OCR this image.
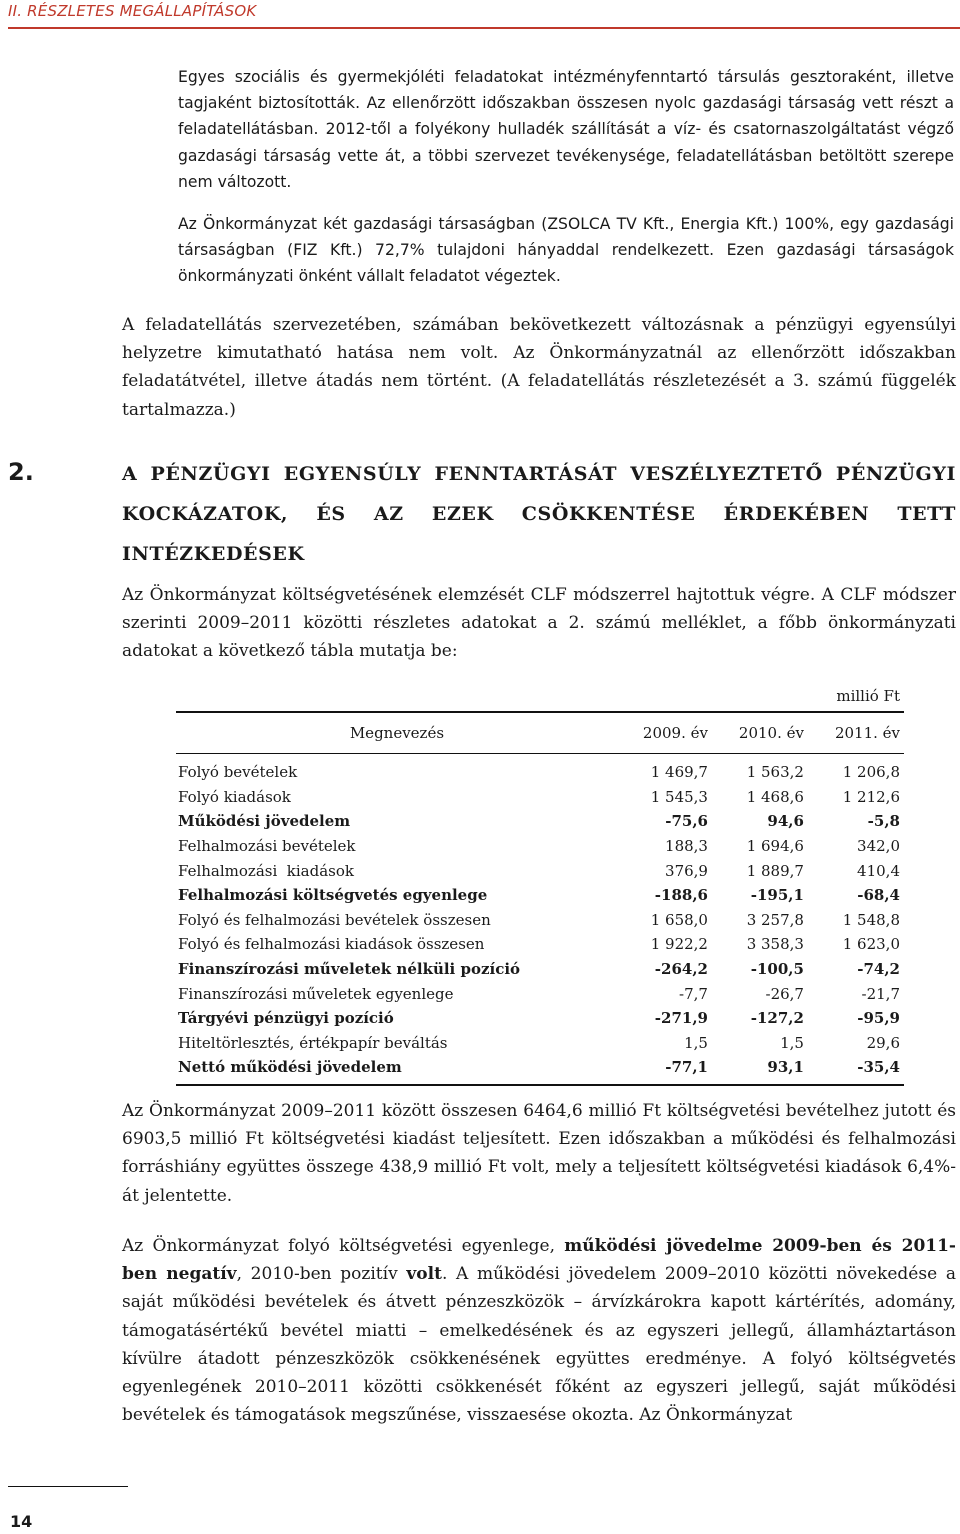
II. RÉSZLETES MEGÁLLAPÍTÁSOK

Egyes szociális és gyermekjóléti feladatokat intézményfenntartó társulás gesztoraként, illetve tagjaként biztosították. Az ellenőrzött időszakban összesen nyolc gazdasági társaság vett részt a feladatellátásban. 2012-től a folyékony hulladék szállítását a víz- és csatornaszolgáltatást végző gazdasági társaság vette át, a többi szervezet tevékenysége, feladatellátásban betöltött szerepe nem változott.

Az Önkormányzat két gazdasági társaságban (ZSOLCA TV Kft., Energia Kft.) 100%, egy gazdasági társaságban (FIZ Kft.) 72,7% tulajdoni hányaddal rendelkezett. Ezen gazdasági társaságok önkormányzati önként vállalt feladatot végeztek.

A feladatellátás szervezetében, számában bekövetkezett változásnak a pénzügyi egyensúlyi helyzetre kimutatható hatása nem volt. Az Önkormányzatnál az ellenőrzött időszakban feladatátvétel, illetve átadás nem történt. (A feladatellátás részletezését a 3. számú függelék tartalmazza.)

2.	A PÉNZÜGYI EGYENSÚLY FENNTARTÁSÁT VESZÉLYEZTETŐ PÉNZÜGYI KOCKÁZATOK, ÉS AZ EZEK CSÖKKENTÉSE ÉRDEKÉBEN TETT INTÉZKEDÉSEK

Az Önkormányzat költségvetésének elemzését CLF módszerrel hajtottuk végre. A CLF módszer szerinti 2009–2011 közötti részletes adatokat a 2. számú melléklet, a főbb önkormányzati adatokat a következő tábla mutatja be:

millió Ft
Megnevezés	2009. év	2010. év	2011. év
Folyó bevételek	1 469,7	1 563,2	1 206,8
Folyó kiadások	1 545,3	1 468,6	1 212,6
Működési jövedelem	-75,6	94,6	-5,8
Felhalmozási bevételek	188,3	1 694,6	342,0
Felhalmozási  kiadások	376,9	1 889,7	410,4
Felhalmozási költségvetés egyenlege	-188,6	-195,1	-68,4
Folyó és felhalmozási bevételek összesen	1 658,0	3 257,8	1 548,8
Folyó és felhalmozási kiadások összesen	1 922,2	3 358,3	1 623,0
Finanszírozási műveletek nélküli pozíció	-264,2	-100,5	-74,2
Finanszírozási műveletek egyenlege	-7,7	-26,7	-21,7
Tárgyévi pénzügyi pozíció	-271,9	-127,2	-95,9
Hiteltörlesztés, értékpapír beváltás	1,5	1,5	29,6
Nettó működési jövedelem	-77,1	93,1	-35,4

Az Önkormányzat 2009–2011 között összesen 6464,6 millió Ft költségvetési bevételhez jutott és 6903,5 millió Ft költségvetési kiadást teljesített. Ezen időszakban a működési és felhalmozási forráshiány együttes összege 438,9 millió Ft volt, mely a teljesített költségvetési kiadások 6,4%-át jelentette.

Az Önkormányzat folyó költségvetési egyenlege, működési jövedelme 2009-ben és 2011-ben negatív, 2010-ben pozitív volt. A működési jövedelem 2009–2010 közötti növekedése a saját működési bevételek és átvett pénzeszközök – árvízkárokra kapott kártérítés, adomány, támogatásértékű bevétel miatti – emelkedésének és az egyszeri jellegű, államháztartáson kívülre átadott pénzeszközök csökkenésének együttes eredménye. A folyó költségvetés egyenlegének 2010–2011 közötti csökkenését főként az egyszeri jellegű, saját működési bevételek és támogatások megszűnése, visszaesése okozta. Az Önkormányzat

14
